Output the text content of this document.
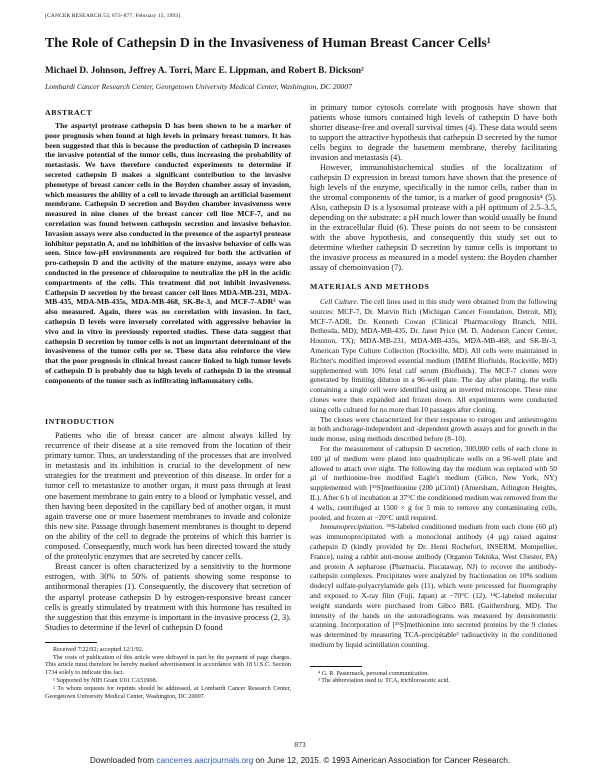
[CANCER RESEARCH 53, 873–877, February 15, 1993]
The Role of Cathepsin D in the Invasiveness of Human Breast Cancer Cells¹
Michael D. Johnson, Jeffrey A. Torri, Marc E. Lippman, and Robert B. Dickson²
Lombardi Cancer Research Center, Georgetown University Medical Center, Washington, DC 20007
ABSTRACT

The aspartyl protease cathepsin D has been shown to be a marker of poor prognosis when found at high levels in primary breast tumors. It has been suggested that this is because the production of cathepsin D increases the invasive potential of the tumor cells, thus increasing the probability of metastasis. We have therefore conducted experiments to determine if secreted cathepsin D makes a significant contribution to the invasive phenotype of breast cancer cells in the Boyden chamber assay of invasion, which measures the ability of a cell to invade through an artificial basement membrane. Cathepsin D secretion and Boyden chamber invasiveness were measured in nine clones of the breast cancer cell line MCF-7, and no correlation was found between cathepsin secretion and invasive behavior. Invasion assays were also conducted in the presence of the aspartyl protease inhibitor pepstatin A, and no inhibition of the invasive behavior of cells was seen. Since low-pH environments are required for both the activation of pro-cathepsin D and the activity of the mature enzyme, assays were also conducted in the presence of chloroquine to neutralize the pH in the acidic compartments of the cells. This treatment did not inhibit invasiveness. Cathepsin D secretion by the breast cancer cell lines MDA-MB-231, MDA-MB-435, MDA-MB-435s, MDA-MB-468, SK-Br-3, and MCF-7-ADR³ was also measured. Again, there was no correlation with invasion. In fact, cathepsin D levels were inversely correlated with aggressive behavior in vivo and in vitro in previously reported studies. These data suggest that cathepsin D secretion by tumor cells is not an important determinant of the invasiveness of the tumor cells per se. These data also reinforce the view that the poor prognosis in clinical breast cancer linked to high tumor levels of cathepsin D is probably due to high levels of cathepsin D in the stromal components of the tumor such as infiltrating inflammatory cells.

INTRODUCTION

Patients who die of breast cancer are almost always killed by recurrence of their disease at a site removed from the location of their primary tumor. Thus, an understanding of the processes that are involved in metastasis and its inhibition is crucial to the development of new strategies for the treatment and prevention of this disease. In order for a tumor cell to metastasize to another organ, it must pass through at least one basement membrane to gain entry to a blood or lymphatic vessel, and then having been deposited in the capillary bed of another organ, it must again traverse one or more basement membranes to invade and colonize this new site. Passage through basement membranes is thought to depend on the ability of the cell to degrade the proteins of which this barrier is composed. Consequently, much work has been directed toward the study of the proteolytic enzymes that are secreted by cancer cells.

Breast cancer is often characterized by a sensitivity to the hormone estrogen, with 30% to 50% of patients showing some response to antihormonal therapies (1). Consequently, the discovery that secretion of the aspartyl protease cathepsin D by estrogen-responsive breast cancer cells is greatly stimulated by treatment with this hormone has resulted in the suggestion that this enzyme is important in the invasive process (2, 3). Studies to determine if the level of cathepsin D found

Received 7/22/92; accepted 12/1/92.

The costs of publication of this article were defrayed in part by the payment of page charges. This article must therefore be hereby marked advertisement in accordance with 18 U.S.C. Section 1734 solely to indicate this fact.

¹ Supported by NIH Grant U01 CA51908.

² To whom requests for reprints should be addressed, at Lombardi Cancer Research Center, Georgetown University Medical Center, Washington, DC 20007.

in primary tumor cytosols correlate with prognosis have shown that patients whose tumors contained high levels of cathepsin D have both shorter disease-free and overall survival times (4). These data would seem to support the attractive hypothesis that cathepsin D secreted by the tumor cells begins to degrade the basement membrane, thereby facilitating invasion and metastasis (4).

However, immunohistochemical studies of the localization of cathepsin D expression in breast tumors have shown that the presence of high levels of the enzyme, specifically in the tumor cells, rather than in the stromal components of the tumor, is a marker of good prognosis⁴ (5). Also, cathepsin D is a lysosomal protease with a pH optimum of 2.5–3.5, depending on the substrate: a pH much lower than would usually be found in the extracellular fluid (6). These points do not seem to be consistent with the above hypothesis, and consequently this study set out to determine whether cathepsin D secretion by tumor cells is important to the invasive process as measured in a model system: the Boyden chamber assay of chemoinvasion (7).

MATERIALS AND METHODS

Cell Culture. The cell lines used in this study were obtained from the following sources: MCF-7, Dr. Marvin Rich (Michigan Cancer Foundation, Detroit, MI); MCF-7-ADR, Dr. Kenneth Cowan (Clinical Pharmacology Branch, NIH, Bethesda, MD); MDA-MB-435, Dr. Janet Price (M. D. Anderson Cancer Center, Houston, TX); MDA-MB-231, MDA-MB-435s, MDA-MB-468, and SK-Br-3, American Type Culture Collection (Rockville, MD). All cells were maintained in Richter's modified improved essential medium (IMEM Biofluids, Rockville, MD) supplemented with 10% fetal calf serum (Biofluids). The MCF-7 clones were generated by limiting dilution in a 96-well plate. The day after plating, the wells containing a single cell were identified using an inverted microscope. These nine clones were then expanded and frozen down. All experiments were conducted using cells cultured for no more than 10 passages after cloning.

The clones were characterized for their response to estrogen and antiestrogens in both anchorage-independent and -dependent growth assays and for growth in the nude mouse, using methods described before (8–10).

For the measurement of cathepsin D secretion, 300,000 cells of each clone in 100 µl of medium were plated into quadruplicate wells on a 96-well plate and allowed to attach over night. The following day the medium was replaced with 50 µl of methionine-free modified Eagle's medium (Gibco, New York, NY) supplemented with [³⁵S]methionine (200 µCi/ml) (Amersham, Arlington Heights, IL). After 6 h of incubation at 37°C the conditioned medium was removed from the 4 wells, centrifuged at 1500 × g for 5 min to remove any contaminating cells, pooled, and frozen at −20°C until required.

Immunoprecipitation. ³⁵S-labeled conditioned medium from each clone (60 µl) was immunoprecipitated with a monoclonal antibody (4 µg) raised against cathepsin D (kindly provided by Dr. Henri Rochefort, INSERM, Montpellier, France), using a rabbit anti-mouse antibody (Organon Teknika, West Chester, PA) and protein A sepharose (Pharmacia, Piscataway, NJ) to recover the antibody-cathepsin complexes. Precipitates were analyzed by fractionation on 10% sodium dodecyl sulfate-polyacrylamide gels (11), which were processed for fluorography and exposed to X-ray film (Fuji, Japan) at −70°C (12). ¹⁴C-labeled molecular weight standards were purchased from Gibco BRL (Gaithersburg, MD). The intensity of the bands on the autoradiograms was measured by densitometric scanning. Incorporation of [³⁵S]methionine into secreted proteins by the 9 clones was determined by measuring TCA-precipitable³ radioactivity in the conditioned medium by liquid scintillation counting.

⁴ G. R. Pasternack, personal communication.

³ The abbreviation used is: TCA, trichloroacetic acid.

873
Downloaded from cancerres.aacrjournals.org on June 12, 2015. © 1993 American Association for Cancer Research.
